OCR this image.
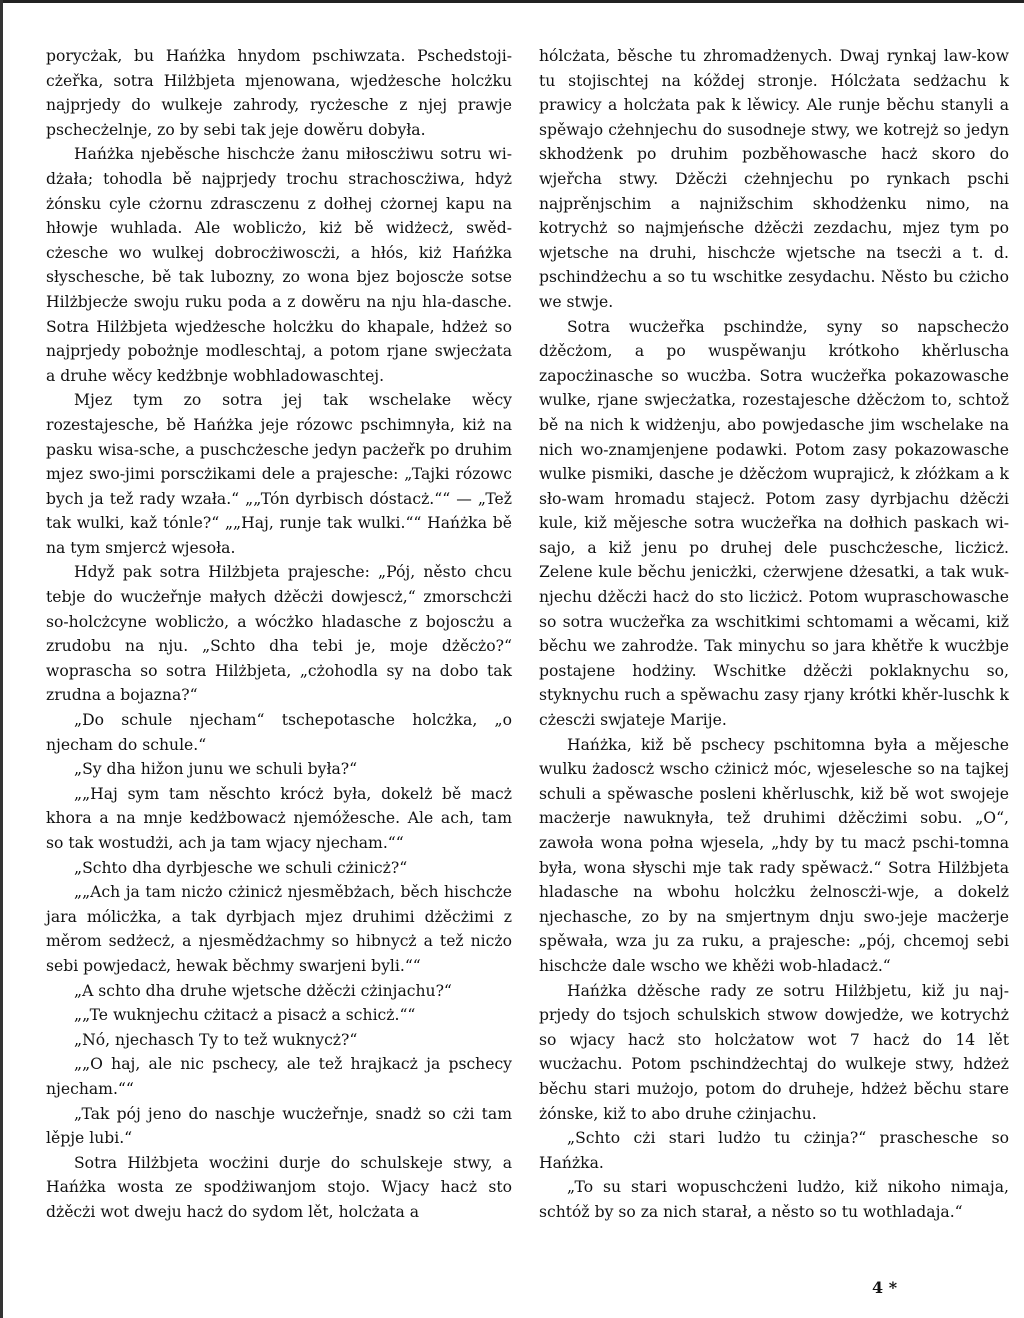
porycżak, bu Hańżka hnydom pschiwzata. Pschedstoji-cżeřka, sotra Hilżbjeta mjenowana, wjedżesche holcżku najprjedy do wulkeje zahrody, rycżesche z njej prawje pschecżelnje, zo by sebi tak jeje dowěru dobyła.

Hańżka njeběsche hischcże żanu miłoscżiwu sotru wi-dżała; tohodla bě najprjedy trochu strachoscżiwa, hdyż żónsku cyle cżornu zdrasczenu z dołhej cżornej kapu na hłowje wuhlada. Ale woblicżo, kiż bě widżecż, swěd-cżesche wo wulkej dobrocżiwoscżi, a hłós, kiż Hańżka słyschesche, bě tak lubozny, zo wona bjez bojoscże sotse Hilżbjecże swoju ruku poda a z dowěru na nju hla-dasche. Sotra Hilżbjeta wjedżesche holcżku do khapale, hdżeż so najprjedy pobożnje modleschtaj, a potom rjane swjecżata a druhe wěcy kedżbnje wobhladowaschtej.

Mjez tym zo sotra jej tak wschelake wěcy rozestajesche, bě Hańżka jeje rózowc pschimnyła, kiż na pasku wisa-sche, a puschcżesche jedyn pacżeřk po druhim mjez swo-jimi porscżikami dele a prajesche: „Tajki rózowc bych ja tež rady wzała.“ „„Tón dyrbisch dóstacż.““ — „Tež tak wulki, kaž tónle?“ „„Haj, runje tak wulki.““ Hańżka bě na tym smjercż wjesoła.

Hdyž pak sotra Hilżbjeta prajesche: „Pój, něsto chcu tebje do wucżeřnje małych dżěcżi dowjescż,“ zmorschcżi so-holcżcyne woblicżo, a wócżko hladasche z bojoscżu a zrudobu na nju. „Schto dha tebi je, moje dżěcżo?“ woprascha so sotra Hilżbjeta, „cżohodla sy na dobo tak zrudna a bojazna?“

„Do schule njecham“ tschepotasche holcżka, „o njecham do schule.“

„Sy dha hižon junu we schuli była?“

„„Haj sym tam něschto krócż była, dokelż bě macż khora a na mnje kedżbowacż njemóžesche. Ale ach, tam so tak wostudżi, ach ja tam wjacy njecham.““

„Schto dha dyrbjesche we schuli cżinicż?“

„„Ach ja tam nicżo cżinicż njesměbżach, běch hischcże jara mólicżka, a tak dyrbjach mjez druhimi dżěcżimi z měrom sedżecż, a njesmědżachmy so hibnycż a tež nicżo sebi powjedacż, hewak běchmy swarjeni byli.““

„A schto dha druhe wjetsche dżěcżi cżinjachu?“

„„Te wuknjechu cżitacż a pisacż a schicż.““

„Nó, njechasch Ty to tež wuknycż?“

„„O haj, ale nic pschecy, ale tež hrajkacż ja pschecy njecham.““

„Tak pój jeno do naschje wucżeřnje, snadż so cżi tam lěpje lubi.“

Sotra Hilżbjeta wocżini durje do schulskeje stwy, a Hańżka wosta ze spodżiwanjom stojo. Wjacy hacż sto dżěcżi wot dweju hacż do sydom lět, holcżata a

hólcżata, běsche tu zhromadżenych. Dwaj rynkaj law-kow tu stojischtej na kóždej stronje. Hólcżata sedżachu k prawicy a holcżata pak k lěwicy. Ale runje běchu stanyli a spěwajo cżehnjechu do susodneje stwy, we kotrejż so jedyn skhodżenk po druhim pozběhowasche hacż skoro do wjeřcha stwy. Dżěcżi cżehnjechu po rynkach pschi najprěnjschim a najnižschim skhodżenku nimo, na kotrychż so najmjeńsche dżěcżi zezdachu, mjez tym po wjetsche na druhi, hischcże wjetsche na tsecżi a t. d. pschindżechu a so tu wschitke zesydachu. Něsto bu cżicho we stwje.

Sotra wucżeřka pschindże, syny so napschecżo dżěcżom, a po wuspěwanju krótkoho khěrluscha zapocżinasche so wucżba. Sotra wucżeřka pokazowasche wulke, rjane swjecżatka, rozestajesche dżěcżom to, schtož bě na nich k widżenju, abo powjedasche jim wschelake na nich wo-znamjenjene podawki. Potom zasy pokazowasche wulke pismiki, dasche je dżěcżom wuprajicż, k złóżkam a k sło-wam hromadu stajecż. Potom zasy dyrbjachu dżěcżi kule, kiž mějesche sotra wucżeřka na dołhich paskach wi-sajo, a kiž jenu po druhej dele puschcżesche, licżicż. Zelene kule běchu jenicżki, cżerwjene dżesatki, a tak wuk-njechu dżěcżi hacż do sto licżicż. Potom wupraschowasche so sotra wucżeřka za wschitkimi schtomami a wěcami, kiž běchu we zahrodże. Tak minychu so jara khětře k wucżbje postajene hodżiny. Wschitke dżěcżi poklaknychu so, styknychu ruch a spěwachu zasy rjany krótki khěr-luschk k cżescżi swjateje Marije.

Hańżka, kiž bě pschecy pschitomna była a mějesche wulku żadoscż wscho cżinicż móc, wjeselesche so na tajkej schuli a spěwasche posleni khěrluschk, kiž bě wot swojeje macżerje nawuknyła, tež druhimi dżěcżimi sobu. „O“, zawoła wona połna wjesela, „hdy by tu macż pschi-tomna była, wona słyschi mje tak rady spěwacż.“ Sotra Hilżbjeta hladasche na wbohu holcżku żelnoscżi-wje, a dokelż njechasche, zo by na smjertnym dnju swo-jeje macżerje spěwała, wza ju za ruku, a prajesche: „pój, chcemoj sebi hischcże dale wscho we khěżi wob-hladacż.“

Hańżka dżěsche rady ze sotru Hilżbjetu, kiž ju naj-prjedy do tsjoch schulskich stwow dowjedże, we kotrychż so wjacy hacż sto holcżatow wot 7 hacż do 14 lět wucżachu. Potom pschindżechtaj do wulkeje stwy, hdżeż běchu stari mużojo, potom do druheje, hdżeż běchu stare żónske, kiž to abo druhe cżinjachu.

„Schto cżi stari ludżo tu cżinja?“ praschesche so Hańżka.

„To su stari wopuschcżeni ludżo, kiž nikoho nimaja, schtóž by so za nich starał, a něsto so tu wothladaja.“

4 *
